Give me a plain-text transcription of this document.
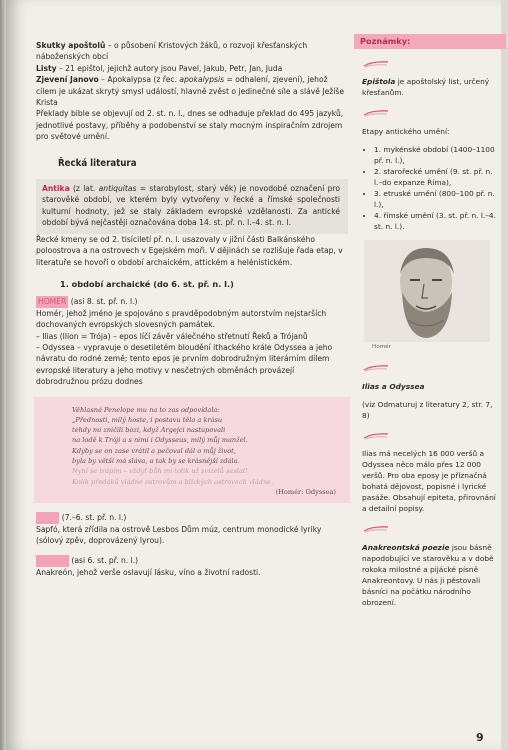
Skutky apoštolů – o působení Kristových žáků, o rozvoji křesťanských náboženských obcí

Listy – 21 epištol, jejichž autory jsou Pavel, Jakub, Petr, Jan, Juda

Zjevení Janovo – Apokalypsa (z řec. apokalypsis = odhalení, zjevení), jehož cílem je ukázat skrytý smysl událostí, hlavně zvěst o jedinečné síle a slávě Ježíše Krista

Překlady bible se objevují od 2. st. n. l., dnes se odhaduje překlad do 495 jazyků, jednotlivé postavy, příběhy a podobenství se staly mocným inspiračním zdrojem pro světové umění.

Řecká literatura

Antika (z lat. antiquitas = starobylost, starý věk) je novodobé označení pro starověké období, ve kterém byly vytvořeny v řecké a římské společnosti kulturní hodnoty, jež se staly základem evropské vzdělanosti. Za antické období bývá nejčastěji označována doba 14. st. př. n. l.–4. st. n. l.

Řecké kmeny se od 2. tisíciletí př. n. l. usazovaly v jižní části Balkánského poloostrova a na ostrovech v Egejském moři. V dějinách se rozlišuje řada etap, v literatuře se hovoří o období archaickém, attickém a helénistickém.

1. období archaické (do 6. st. př. n. l.)

HOMÉR (asi 8. st. př. n. l.)

Homér, jehož jméno je spojováno s pravděpodobným autorstvím nejstarších dochovaných evropských slovesných památek.

– Ilias (Ilion = Trója) – epos líčí závěr válečného střetnutí Řeků a Trójanů

– Odyssea – vypravuje o desetiletém bloudění ithackého krále Odyssea a jeho návratu do rodné země; tento epos je prvním dobrodružným literárním dílem evropské literatury a jeho motivy v nesčetných obměnách provázejí dobrodružnou prózu dodnes

Věhlasná Penelope mu na to zas odpovídala:
„Přednosti, milý hoste, i postavu těla a krásu
tehdy mi zničili bozi, když Argejci nastupovali
na lodě k Tróji a s nimi i Odysseus, milý můj manžel.
Kdyby se on zase vrátil a pečoval dál o můj život,
byla by větší má sláva, a tak by se krásnější zdála.
Nyní se trápím – vždyť bůh mi tolik už svízelů seslal!
Kolik předáků vládne ostrovům a blízkých ostrovech vládne.
(Homér: Odyssea)

(7.–6. st. př. n. l.)

Sapfó, která zřídila na ostrově Lesbos Dům múz, centrum monodické lyriky

(sólový zpěv, doprovázený lyrou).

(asi 6. st. př. n. l.)

Anakreón, jehož verše oslavují lásku, víno a životní radosti.

Poznámky:

Epištola je apoštolský list, určený křesťanům.

Etapy antického umění:

• 1. mykénské období (1400–1100 př. n. l.),
• 2. starořecké umění (9. st. př. n. l.–do expanze Říma),
• 3. etruské umění (800–100 př. n. l.),
• 4. římské umění (3. st. př. n. l.–4. st. n. l.).
Homér

Ilias a Odyssea

(viz Odmaturuj z literatury 2, str. 7, 8)

Ilias má necelých 16 000 veršů a Odyssea něco málo přes 12 000 veršů. Pro oba eposy je příznačná bohatá dějovost, popisné i lyrické pasáže. Obsahují epiteta, přirovnání a detailní popisy.

Anakreontská poezie jsou básně napodobující ve starověku a v době rokoka milostné a pijácké písně Anakreontovy. U nás ji pěstovali básníci na počátku národního obrození.

9
